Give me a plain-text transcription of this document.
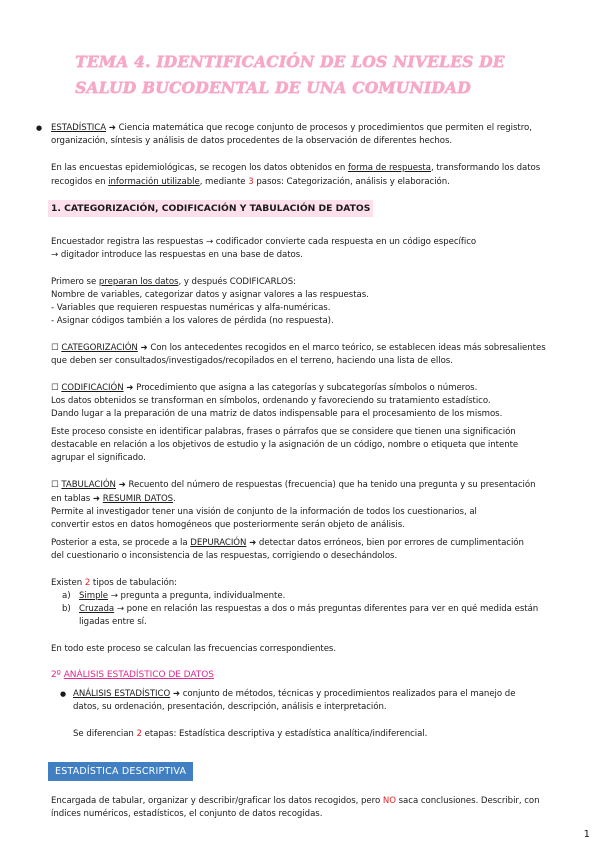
TEMA 4. IDENTIFICACIÓN DE LOS NIVELES DE
SALUD BUCODENTAL DE UNA COMUNIDAD
● ESTADÍSTICA ➜ Ciencia matemática que recoge conjunto de procesos y procedimientos que permiten el registro,
organización, síntesis y análisis de datos procedentes de la observación de diferentes hechos.
En las encuestas epidemiológicas, se recogen los datos obtenidos en forma de respuesta, transformando los datos
recogidos en información utilizable, mediante 3 pasos: Categorización, análisis y elaboración.
1. CATEGORIZACIÓN, CODIFICACIÓN Y TABULACIÓN DE DATOS
Encuestador registra las respuestas → codificador convierte cada respuesta en un código específico
→ digitador introduce las respuestas en una base de datos.
Primero se preparan los datos, y después CODIFICARLOS:
Nombre de variables, categorizar datos y asignar valores a las respuestas.
- Variables que requieren respuestas numéricas y alfa-numéricas.
- Asignar códigos también a los valores de pérdida (no respuesta).
☐ CATEGORIZACIÓN ➜ Con los antecedentes recogidos en el marco teórico, se establecen ideas más sobresalientes
que deben ser consultados/investigados/recopilados en el terreno, haciendo una lista de ellos.
☐ CODIFICACIÓN ➜ Procedimiento que asigna a las categorías y subcategorías símbolos o números.
Los datos obtenidos se transforman en símbolos, ordenando y favoreciendo su tratamiento estadístico.
Dando lugar a la preparación de una matriz de datos indispensable para el procesamiento de los mismos.
Este proceso consiste en identificar palabras, frases o párrafos que se considere que tienen una significación
destacable en relación a los objetivos de estudio y la asignación de un código, nombre o etiqueta que intente
agrupar el significado.
☐ TABULACIÓN ➜ Recuento del número de respuestas (frecuencia) que ha tenido una pregunta y su presentación
en tablas ➜ RESUMIR DATOS.
Permite al investigador tener una visión de conjunto de la información de todos los cuestionarios, al
convertir estos en datos homogéneos que posteriormente serán objeto de análisis.
Posterior a esta, se procede a la DEPURACIÓN ➜ detectar datos erróneos, bien por errores de cumplimentación
del cuestionario o inconsistencia de las respuestas, corrigiendo o desechándolos.
Existen 2 tipos de tabulación:
a) Simple → pregunta a pregunta, individualmente.
b) Cruzada → pone en relación las respuestas a dos o más preguntas diferentes para ver en qué medida están
ligadas entre sí.
En todo este proceso se calculan las frecuencias correspondientes.
2º ANÁLISIS ESTADÍSTICO DE DATOS
● ANÁLISIS ESTADÍSTICO ➜ conjunto de métodos, técnicas y procedimientos realizados para el manejo de
datos, su ordenación, presentación, descripción, análisis e interpretación.
Se diferencian 2 etapas: Estadística descriptiva y estadística analítica/indiferencial.
ESTADÍSTICA DESCRIPTIVA
Encargada de tabular, organizar y describir/graficar los datos recogidos, pero NO saca conclusiones. Describir, con
índices numéricos, estadísticos, el conjunto de datos recogidas.
1
